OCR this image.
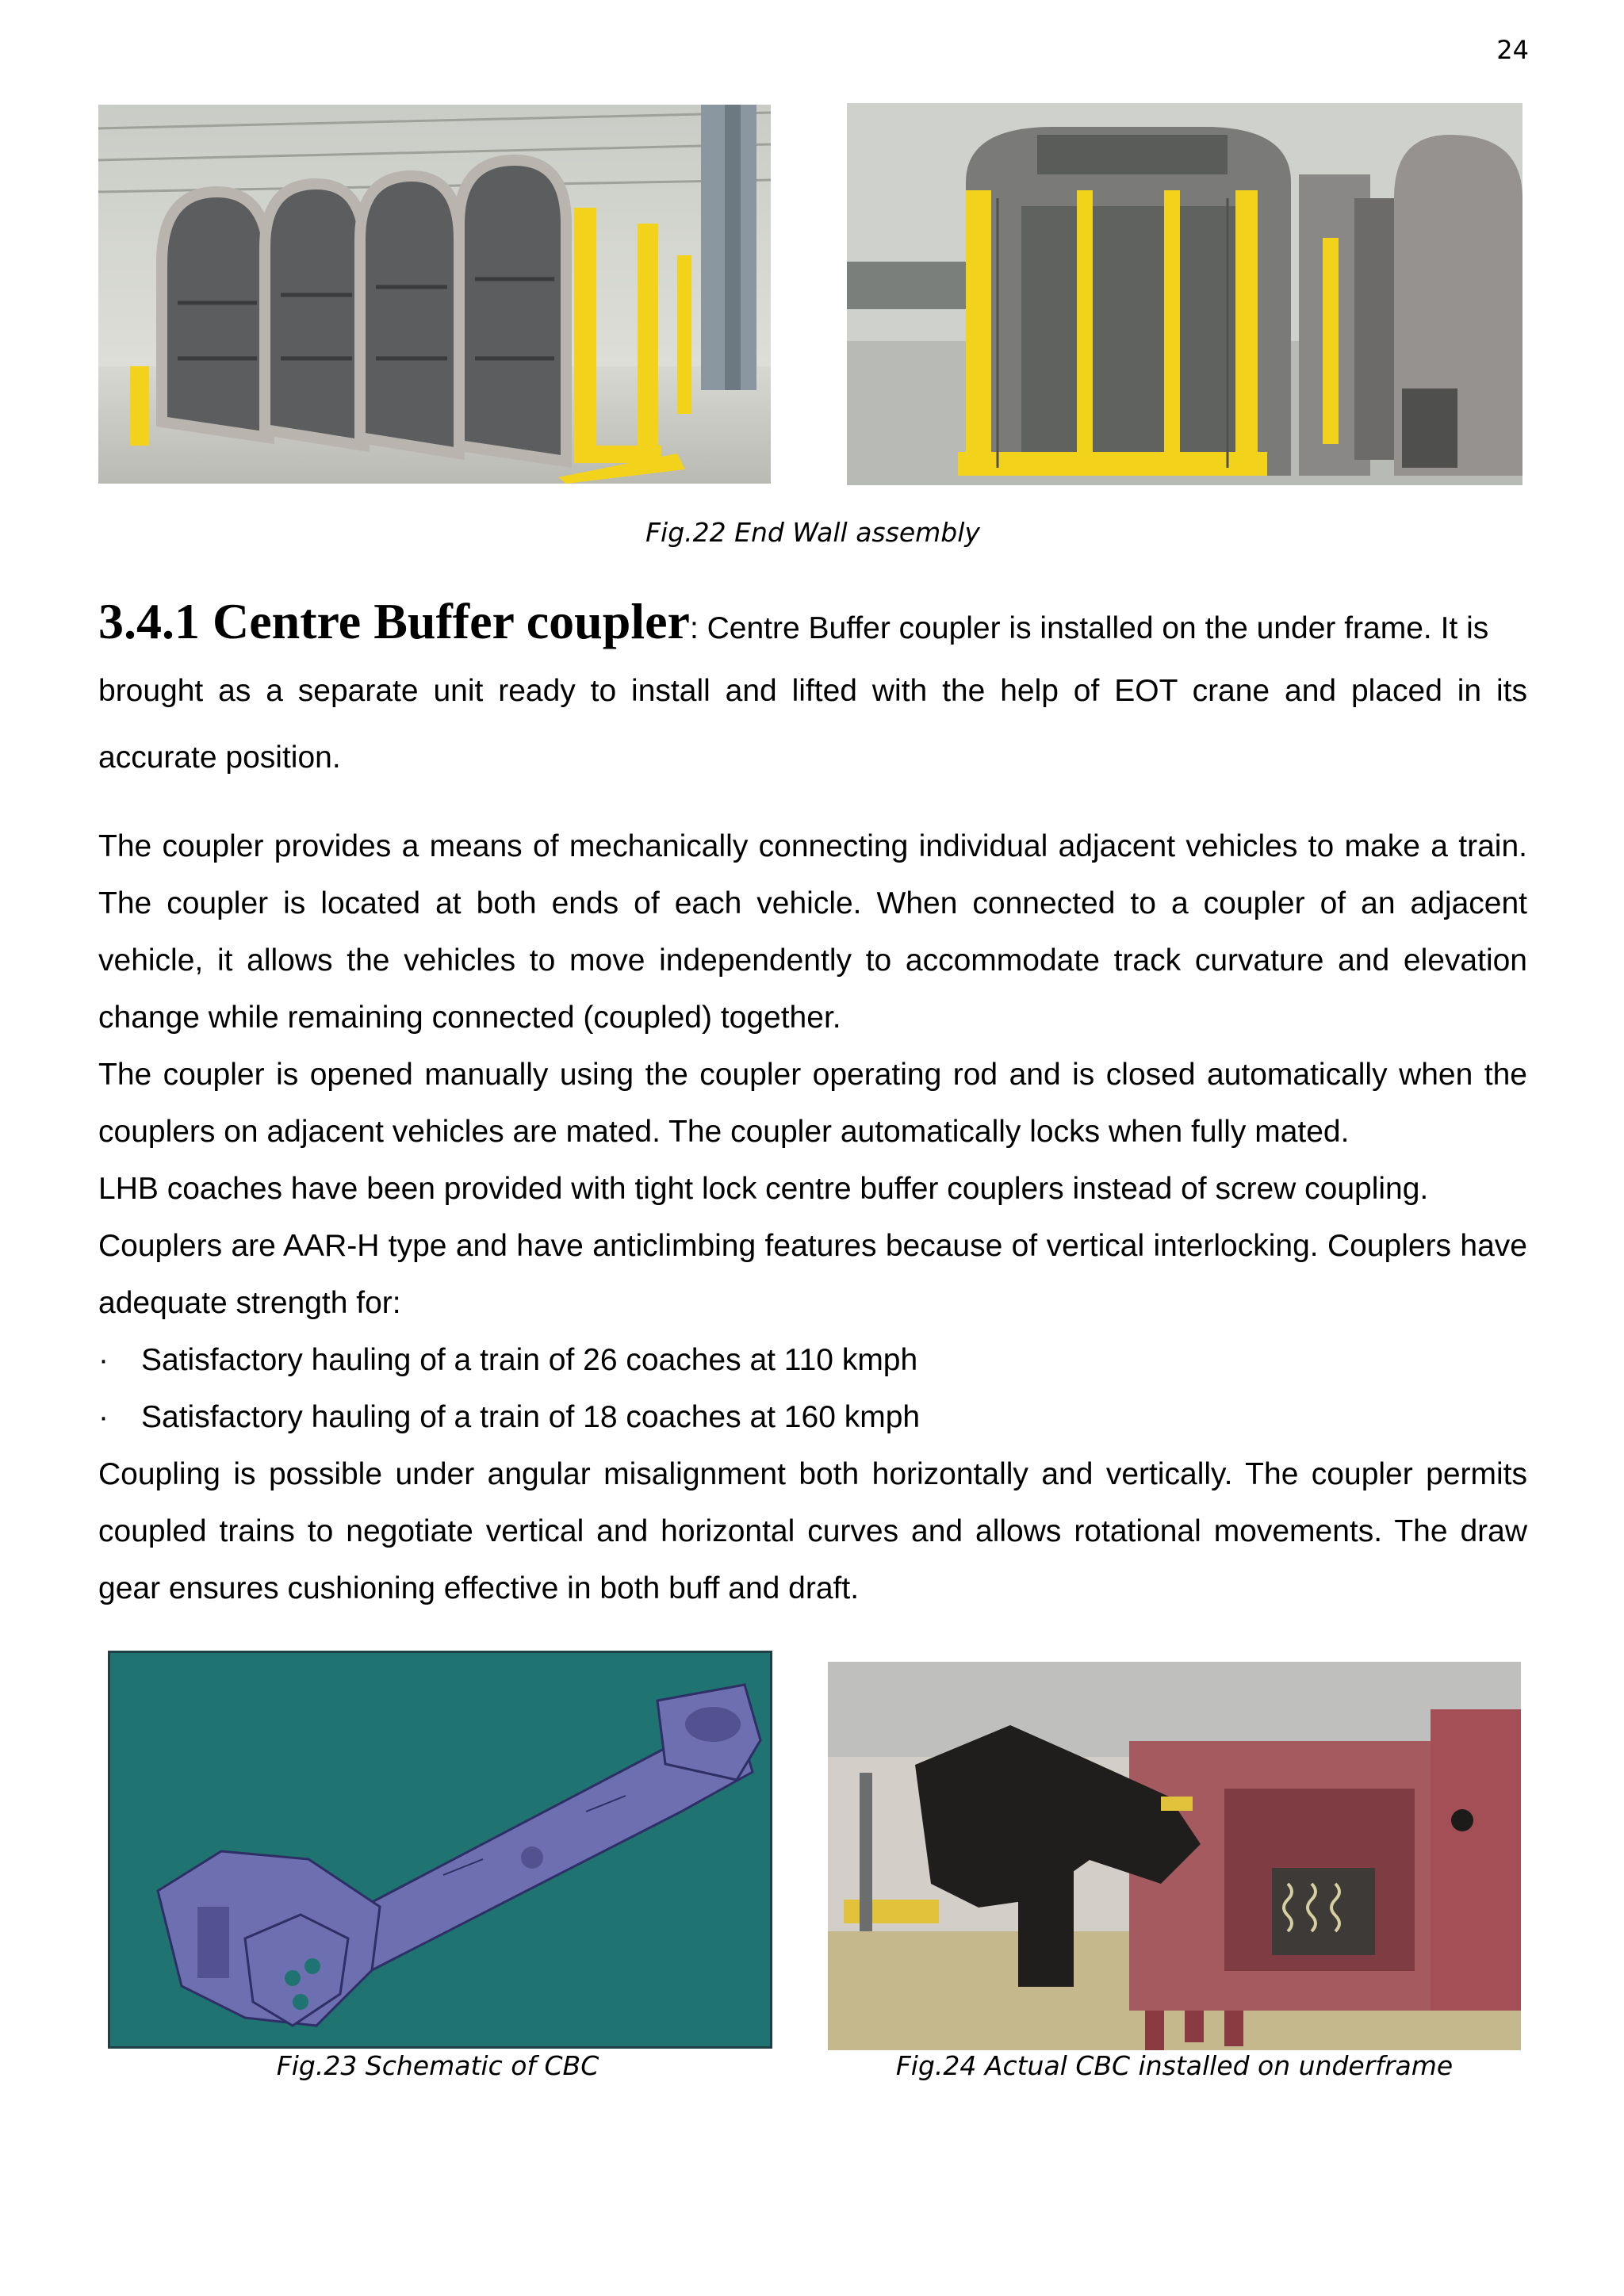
24
Fig.22 End Wall assembly
3.4.1 Centre Buffer coupler: Centre Buffer coupler is installed on the under frame. It is
brought as a separate unit ready to install and lifted with the help of EOT crane and placed in its accurate position.

The coupler provides a means of mechanically connecting individual adjacent vehicles to make a train. The coupler is located at both ends of each vehicle. When connected to a coupler of an adjacent vehicle, it allows the vehicles to move independently to accommodate track curvature and elevation change while remaining connected (coupled) together.

The coupler is opened manually using the coupler operating rod and is closed automatically when the couplers on adjacent vehicles are mated. The coupler automatically locks when fully mated.

LHB coaches have been provided with tight lock centre buffer couplers instead of screw coupling.

Couplers are AAR-H type and have anticlimbing features because of vertical interlocking. Couplers have adequate strength for:

· Satisfactory hauling of a train of 26 coaches at 110 kmph
· Satisfactory hauling of a train of 18 coaches at 160 kmph
Coupling is possible under angular misalignment both horizontally and vertically. The coupler permits coupled trains to negotiate vertical and horizontal curves and allows rotational movements. The draw gear ensures cushioning effective in both buff and draft.
Fig.23 Schematic of CBC	Fig.24 Actual CBC installed on underframe
